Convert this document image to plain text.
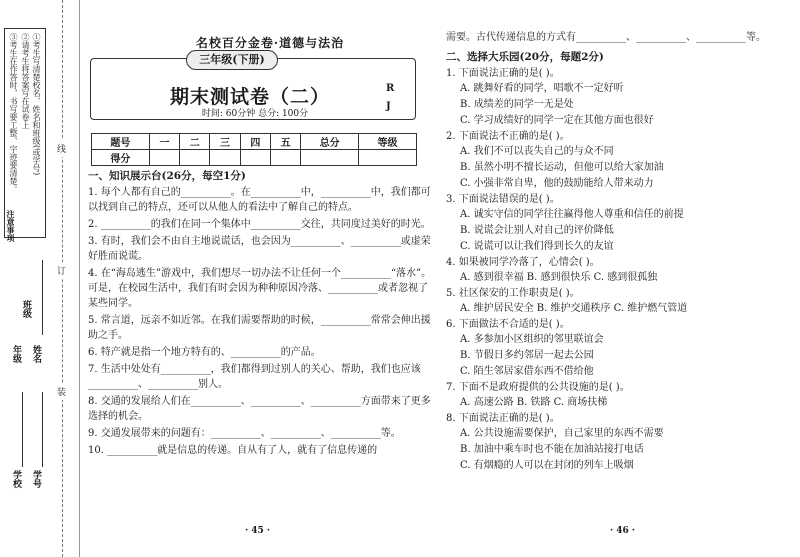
①考生写清楚校名、姓名和班级(或学号)
②请考生将答案写在试卷上
③考生在作答时，书写要工整、字迹要清楚。
注意事项
学校 学号
年级 姓名
班级
线
订
装
名校百分金卷·道德与法治
三年级(下册)
期末测试卷（二）
时间: 60分钟 总分: 100分
R
J
题号	一	二	三	四	五	总分	等级
得分							
一、知识展示台(26分，每空1分)
1. 每个人都有自己的__________。在__________中，__________中，我们都可以找到自己的特点，还可以从他人的看法中了解自己的特点。
2. __________的我们在同一个集体中__________交往，共同度过美好的时光。
3. 有时，我们会不由自主地说谎话，也会因为__________、__________或虚荣好胜而说谎。
4. 在“海岛逃生”游戏中，我们想尽一切办法不让任何一个__________“落水”。可是，在校园生活中，我们有时会因为种种原因冷落、__________或者忽视了某些同学。
5. 常言道，远亲不如近邻。在我们需要帮助的时候，__________常常会伸出援助之手。
6. 特产就是指一个地方特有的、__________的产品。
7. 生活中处处有__________，我们都得到过别人的关心、帮助，我们也应该__________、__________别人。
8. 交通的发展给人们在__________、__________、__________方面带来了更多选择的机会。
9. 交通发展带来的问题有：__________、__________、__________等。
10. __________就是信息的传递。自从有了人，就有了信息传递的
· 45 ·
需要。古代传递信息的方式有__________、__________、__________等。
二、选择大乐园(20分，每题2分)
1. 下面说法正确的是( )。
A. 跳舞好看的同学，唱歌不一定好听
B. 成绩差的同学一无是处
C. 学习成绩好的同学一定在其他方面也很好
2. 下面说法不正确的是( )。
A. 我们不可以丧失自己的与众不同
B. 虽然小明不擅长运动，但他可以给大家加油
C. 小强非常自卑，他的鼓励能给人带来动力
3. 下面说法错误的是( )。
A. 诚实守信的同学往往赢得他人尊重和信任的前提
B. 说谎会让别人对自己的评价降低
C. 说谎可以让我们得到长久的友谊
4. 如果被同学冷落了，心情会( )。
A. 感到很幸福 B. 感到很快乐 C. 感到很孤独
5. 社区保安的工作职责是( )。
A. 维护居民安全 B. 维护交通秩序 C. 维护燃气管道
6. 下面做法不合适的是( )。
A. 多参加小区组织的邻里联谊会
B. 节假日多约邻居一起去公园
C. 陌生邻居家借东西不借给他
7. 下面不是政府提供的公共设施的是( )。
A. 高速公路 B. 铁路 C. 商场扶梯
8. 下面说法正确的是( )。
A. 公共设施需要保护，自己家里的东西不需要
B. 加油中乘车时也不能在加油站接打电话
C. 有烟瘾的人可以在封闭的列车上吸烟
· 46 ·
